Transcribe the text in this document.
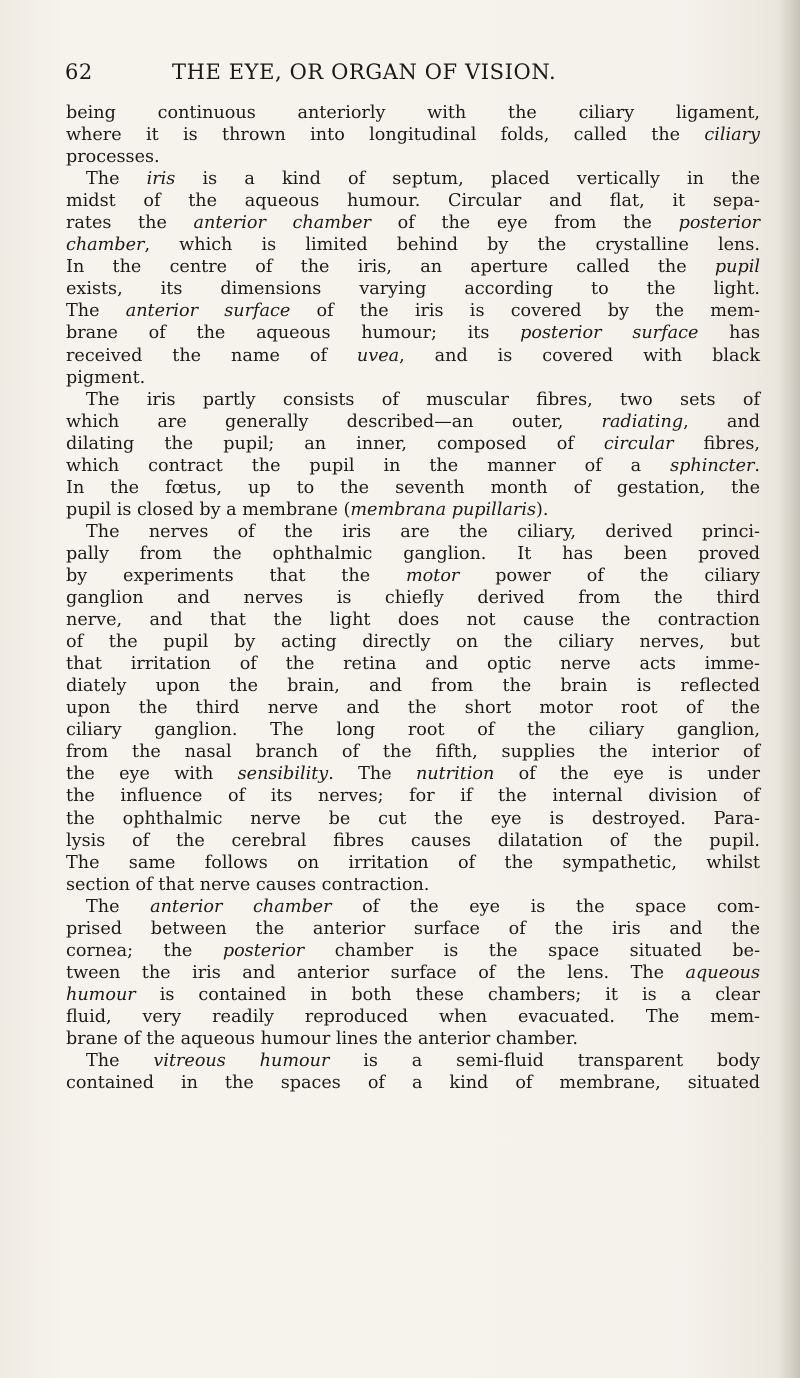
62	THE EYE, OR ORGAN OF VISION.
being continuous anteriorly with the ciliary ligament,
where it is thrown into longitudinal folds, called the ciliary
processes.
The iris is a kind of septum, placed vertically in the
midst of the aqueous humour. Circular and flat, it sepa-
rates the anterior chamber of the eye from the posterior
chamber, which is limited behind by the crystalline lens.
In the centre of the iris, an aperture called the pupil
exists, its dimensions varying according to the light.
The anterior surface of the iris is covered by the mem-
brane of the aqueous humour; its posterior surface has
received the name of uvea, and is covered with black
pigment.
The iris partly consists of muscular fibres, two sets of
which are generally described—an outer, radiating, and
dilating the pupil; an inner, composed of circular fibres,
which contract the pupil in the manner of a sphincter.
In the fœtus, up to the seventh month of gestation, the
pupil is closed by a membrane (membrana pupillaris).
The nerves of the iris are the ciliary, derived princi-
pally from the ophthalmic ganglion. It has been proved
by experiments that the motor power of the ciliary
ganglion and nerves is chiefly derived from the third
nerve, and that the light does not cause the contraction
of the pupil by acting directly on the ciliary nerves, but
that irritation of the retina and optic nerve acts imme-
diately upon the brain, and from the brain is reflected
upon the third nerve and the short motor root of the
ciliary ganglion. The long root of the ciliary ganglion,
from the nasal branch of the fifth, supplies the interior of
the eye with sensibility. The nutrition of the eye is under
the influence of its nerves; for if the internal division of
the ophthalmic nerve be cut the eye is destroyed. Para-
lysis of the cerebral fibres causes dilatation of the pupil.
The same follows on irritation of the sympathetic, whilst
section of that nerve causes contraction.
The anterior chamber of the eye is the space com-
prised between the anterior surface of the iris and the
cornea; the posterior chamber is the space situated be-
tween the iris and anterior surface of the lens. The aqueous
humour is contained in both these chambers; it is a clear
fluid, very readily reproduced when evacuated. The mem-
brane of the aqueous humour lines the anterior chamber.
The vitreous humour is a semi-fluid transparent body
contained in the spaces of a kind of membrane, situated
